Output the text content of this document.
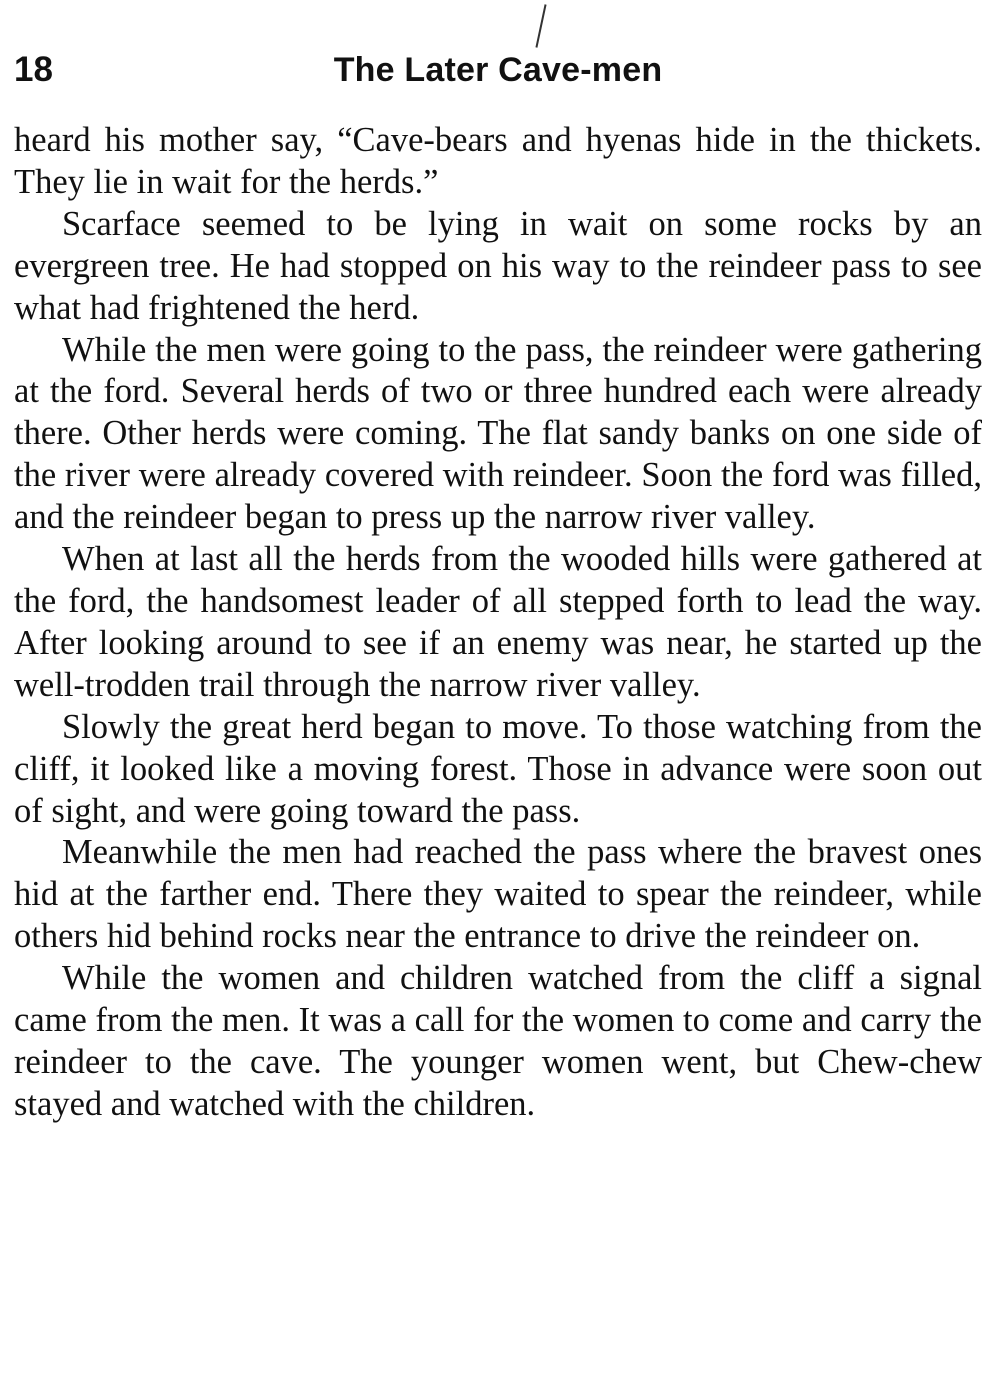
18	The Later Cave-men

heard his mother say, “Cave-bears and hyenas hide in the thickets. They lie in wait for the herds.”

Scarface seemed to be lying in wait on some rocks by an evergreen tree. He had stopped on his way to the reindeer pass to see what had frightened the herd.

While the men were going to the pass, the reindeer were gathering at the ford. Several herds of two or three hundred each were already there. Other herds were coming. The flat sandy banks on one side of the river were already covered with reindeer. Soon the ford was filled, and the reindeer began to press up the narrow river valley.

When at last all the herds from the wooded hills were gathered at the ford, the handsomest leader of all stepped forth to lead the way. After looking around to see if an enemy was near, he started up the well-trodden trail through the narrow river valley.

Slowly the great herd began to move. To those watching from the cliff, it looked like a moving forest. Those in advance were soon out of sight, and were going toward the pass.

Meanwhile the men had reached the pass where the bravest ones hid at the farther end. There they waited to spear the reindeer, while others hid behind rocks near the entrance to drive the reindeer on.

While the women and children watched from the cliff a signal came from the men. It was a call for the women to come and carry the reindeer to the cave. The younger women went, but Chew-chew stayed and watched with the children.
